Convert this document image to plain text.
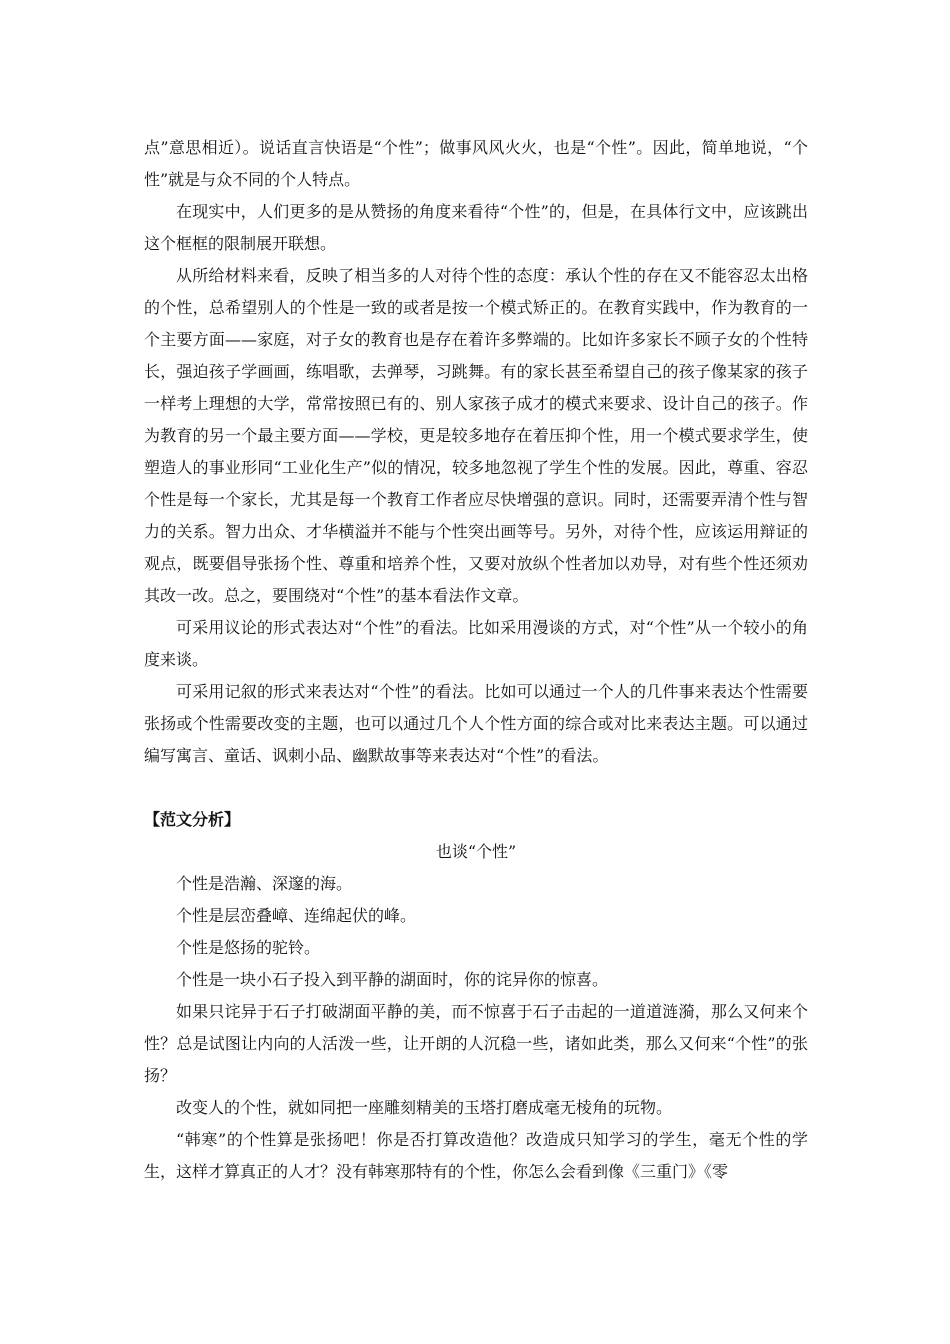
点”意思相近）。说话直言快语是“个性”；做事风风火火，也是“个性”。因此，简单地说，“个性”就是与众不同的个人特点。

在现实中，人们更多的是从赞扬的角度来看待“个性”的，但是，在具体行文中，应该跳出这个框框的限制展开联想。

从所给材料来看，反映了相当多的人对待个性的态度：承认个性的存在又不能容忍太出格的个性，总希望别人的个性是一致的或者是按一个模式矫正的。在教育实践中，作为教育的一个主要方面——家庭，对子女的教育也是存在着许多弊端的。比如许多家长不顾子女的个性特长，强迫孩子学画画，练唱歌，去弹琴，习跳舞。有的家长甚至希望自己的孩子像某家的孩子一样考上理想的大学，常常按照已有的、别人家孩子成才的模式来要求、设计自己的孩子。作为教育的另一个最主要方面——学校，更是较多地存在着压抑个性，用一个模式要求学生，使塑造人的事业形同“工业化生产”似的情况，较多地忽视了学生个性的发展。因此，尊重、容忍个性是每一个家长，尤其是每一个教育工作者应尽快增强的意识。同时，还需要弄清个性与智力的关系。智力出众、才华横溢并不能与个性突出画等号。另外，对待个性，应该运用辩证的观点，既要倡导张扬个性、尊重和培养个性，又要对放纵个性者加以劝导，对有些个性还须劝其改一改。总之，要围绕对“个性”的基本看法作文章。

可采用议论的形式表达对“个性”的看法。比如采用漫谈的方式，对“个性”从一个较小的角度来谈。

可采用记叙的形式来表达对“个性”的看法。比如可以通过一个人的几件事来表达个性需要张扬或个性需要改变的主题，也可以通过几个人个性方面的综合或对比来表达主题。可以通过编写寓言、童话、讽刺小品、幽默故事等来表达对“个性”的看法。

【范文分析】

也谈“个性”

个性是浩瀚、深邃的海。

个性是层峦叠嶂、连绵起伏的峰。

个性是悠扬的驼铃。

个性是一块小石子投入到平静的湖面时，你的诧异你的惊喜。

如果只诧异于石子打破湖面平静的美，而不惊喜于石子击起的一道道涟漪，那么又何来个性？总是试图让内向的人活泼一些，让开朗的人沉稳一些，诸如此类，那么又何来“个性”的张扬？

改变人的个性，就如同把一座雕刻精美的玉塔打磨成毫无棱角的玩物。

“韩寒”的个性算是张扬吧！你是否打算改造他？改造成只知学习的学生，毫无个性的学生，这样才算真正的人才？没有韩寒那特有的个性，你怎么会看到像《三重门》《零
